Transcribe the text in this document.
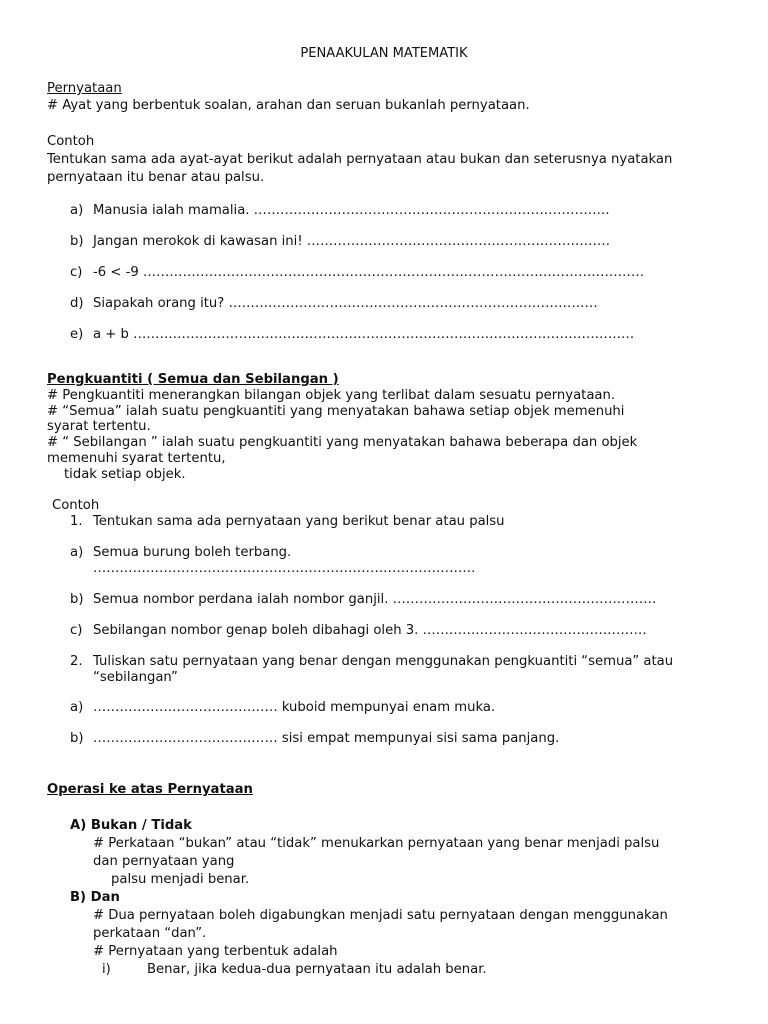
PENAAKULAN MATEMATIK
Pernyataan
# Ayat yang berbentuk soalan, arahan dan seruan bukanlah pernyataan.
Contoh
Tentukan sama ada ayat-ayat berikut adalah pernyataan atau bukan dan seterusnya nyatakan
pernyataan itu benar atau palsu.
a) Manusia ialah mamalia. ………………………………………………………………………
b) Jangan merokok di kawasan ini! ……………………………………………………………
c) -6 < -9 ……………………………………………………………………………………………………
d) Siapakah orang itu? …………………………………………………………………………
e) a + b ……………………………………………………………………………………………………
Pengkuantiti ( Semua dan Sebilangan )
# Pengkuantiti menerangkan bilangan objek yang terlibat dalam sesuatu pernyataan.
# “Semua” ialah suatu pengkuantiti yang menyatakan bahawa setiap objek memenuhi
syarat tertentu.
# “ Sebilangan ” ialah suatu pengkuantiti yang menyatakan bahawa beberapa dan objek
memenuhi syarat tertentu,
tidak setiap objek.
Contoh
1. Tentukan sama ada pernyataan yang berikut benar atau palsu
a) Semua burung boleh terbang.
……………………………………………………………………………
b) Semua nombor perdana ialah nombor ganjil. ……………………………………………………
c) Sebilangan nombor genap boleh dibahagi oleh 3. ……………………………………………
2. Tuliskan satu pernyataan yang benar dengan menggunakan pengkuantiti “semua” atau
“sebilangan”
a) …………………………………… kuboid mempunyai enam muka.
b) …………………………………… sisi empat mempunyai sisi sama panjang.
Operasi ke atas Pernyataan
A) Bukan / Tidak
# Perkataan “bukan” atau “tidak” menukarkan pernyataan yang benar menjadi palsu
dan pernyataan yang
palsu menjadi benar.
B) Dan
# Dua pernyataan boleh digabungkan menjadi satu pernyataan dengan menggunakan
perkataan “dan”.
# Pernyataan yang terbentuk adalah
i)	Benar, jika kedua-dua pernyataan itu adalah benar.
